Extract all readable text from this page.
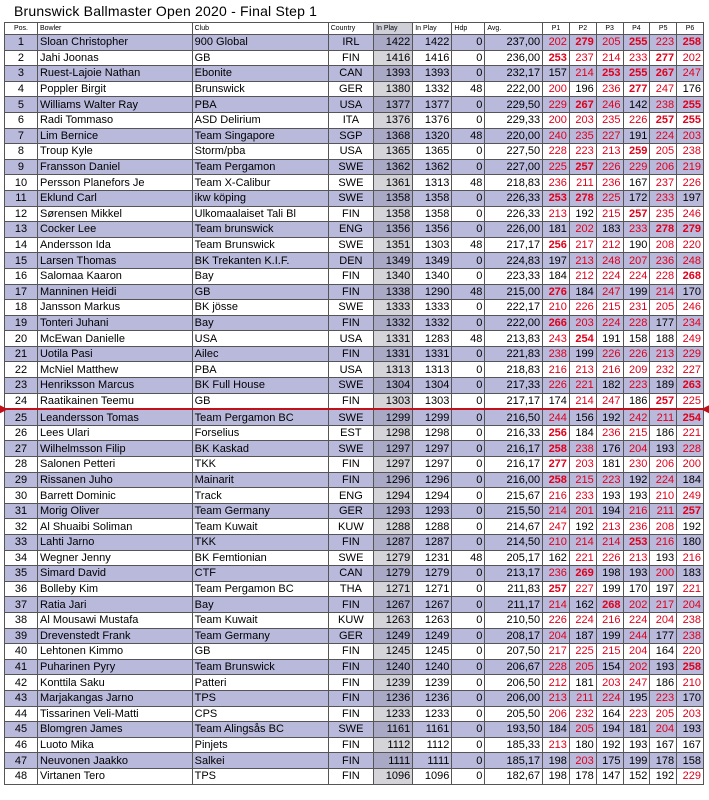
Brunswick Ballmaster Open 2020 - Final Step 1
Pos.	Bowler	Club	Country	In Play	In Play	Hdp	Avg.	P1	P2	P3	P4	P5	P6
1	Sloan Christopher	900 Global	IRL	1422	1422	0	237,00	202	279	205	255	223	258
2	Jahi Joonas	GB	FIN	1416	1416	0	236,00	253	237	214	233	277	202
3	Ruest-Lajoie Nathan	Ebonite	CAN	1393	1393	0	232,17	157	214	253	255	267	247
4	Poppler Birgit	Brunswick	GER	1380	1332	48	222,00	200	196	236	277	247	176
5	Williams Walter Ray	PBA	USA	1377	1377	0	229,50	229	267	246	142	238	255
6	Radi Tommaso	ASD Delirium	ITA	1376	1376	0	229,33	200	203	235	226	257	255
7	Lim Bernice	Team Singapore	SGP	1368	1320	48	220,00	240	235	227	191	224	203
8	Troup Kyle	Storm/pba	USA	1365	1365	0	227,50	228	223	213	259	205	238
9	Fransson Daniel	Team Pergamon	SWE	1362	1362	0	227,00	225	257	226	229	206	219
10	Persson Planefors Je	Team X-Calibur	SWE	1361	1313	48	218,83	236	211	236	167	237	226
11	Eklund Carl	ikw köping	SWE	1358	1358	0	226,33	253	278	225	172	233	197
12	Sørensen Mikkel	Ulkomaalaiset Tali Bl	FIN	1358	1358	0	226,33	213	192	215	257	235	246
13	Cocker Lee	Team brunswick	ENG	1356	1356	0	226,00	181	202	183	233	278	279
14	Andersson Ida	Team Brunswick	SWE	1351	1303	48	217,17	256	217	212	190	208	220
15	Larsen Thomas	BK Trekanten K.I.F.	DEN	1349	1349	0	224,83	197	213	248	207	236	248
16	Salomaa Kaaron	Bay	FIN	1340	1340	0	223,33	184	212	224	224	228	268
17	Manninen Heidi	GB	FIN	1338	1290	48	215,00	276	184	247	199	214	170
18	Jansson Markus	BK jösse	SWE	1333	1333	0	222,17	210	226	215	231	205	246
19	Tonteri Juhani	Bay	FIN	1332	1332	0	222,00	266	203	224	228	177	234
20	McEwan Danielle	USA	USA	1331	1283	48	213,83	243	254	191	158	188	249
21	Uotila Pasi	Ailec	FIN	1331	1331	0	221,83	238	199	226	226	213	229
22	McNiel Matthew	PBA	USA	1313	1313	0	218,83	216	213	216	209	232	227
23	Henriksson Marcus	BK Full House	SWE	1304	1304	0	217,33	226	221	182	223	189	263
24	Raatikainen Teemu	GB	FIN	1303	1303	0	217,17	174	214	247	186	257	225
25	Leandersson Tomas	Team Pergamon BC	SWE	1299	1299	0	216,50	244	156	192	242	211	254
26	Lees Ulari	Forselius	EST	1298	1298	0	216,33	256	184	236	215	186	221
27	Wilhelmsson Filip	BK Kaskad	SWE	1297	1297	0	216,17	258	238	176	204	193	228
28	Salonen Petteri	TKK	FIN	1297	1297	0	216,17	277	203	181	230	206	200
29	Rissanen Juho	Mainarit	FIN	1296	1296	0	216,00	258	215	223	192	224	184
30	Barrett Dominic	Track	ENG	1294	1294	0	215,67	216	233	193	193	210	249
31	Morig Oliver	Team Germany	GER	1293	1293	0	215,50	214	201	194	216	211	257
32	Al Shuaibi Soliman	Team Kuwait	KUW	1288	1288	0	214,67	247	192	213	236	208	192
33	Lahti Jarno	TKK	FIN	1287	1287	0	214,50	210	214	214	253	216	180
34	Wegner Jenny	BK Femtionian	SWE	1279	1231	48	205,17	162	221	226	213	193	216
35	Simard David	CTF	CAN	1279	1279	0	213,17	236	269	198	193	200	183
36	Bolleby Kim	Team Pergamon BC	THA	1271	1271	0	211,83	257	227	199	170	197	221
37	Ratia Jari	Bay	FIN	1267	1267	0	211,17	214	162	268	202	217	204
38	Al Mousawi Mustafa	Team Kuwait	KUW	1263	1263	0	210,50	226	224	216	224	204	238
39	Drevenstedt Frank	Team Germany	GER	1249	1249	0	208,17	204	187	199	244	177	238
40	Lehtonen Kimmo	GB	FIN	1245	1245	0	207,50	217	225	215	204	164	220
41	Puharinen Pyry	Team Brunswick	FIN	1240	1240	0	206,67	228	205	154	202	193	258
42	Konttila Saku	Patteri	FIN	1239	1239	0	206,50	212	181	203	247	186	210
43	Marjakangas Jarno	TPS	FIN	1236	1236	0	206,00	213	211	224	195	223	170
44	Tissarinen Veli-Matti	CPS	FIN	1233	1233	0	205,50	206	232	164	223	205	203
45	Blomgren James	Team Alingsås BC	SWE	1161	1161	0	193,50	184	205	194	181	204	193
46	Luoto Mika	Pinjets	FIN	1112	1112	0	185,33	213	180	192	193	167	167
47	Neuvonen Jaakko	Salkei	FIN	1111	1111	0	185,17	198	203	175	199	178	158
48	Virtanen Tero	TPS	FIN	1096	1096	0	182,67	198	178	147	152	192	229
